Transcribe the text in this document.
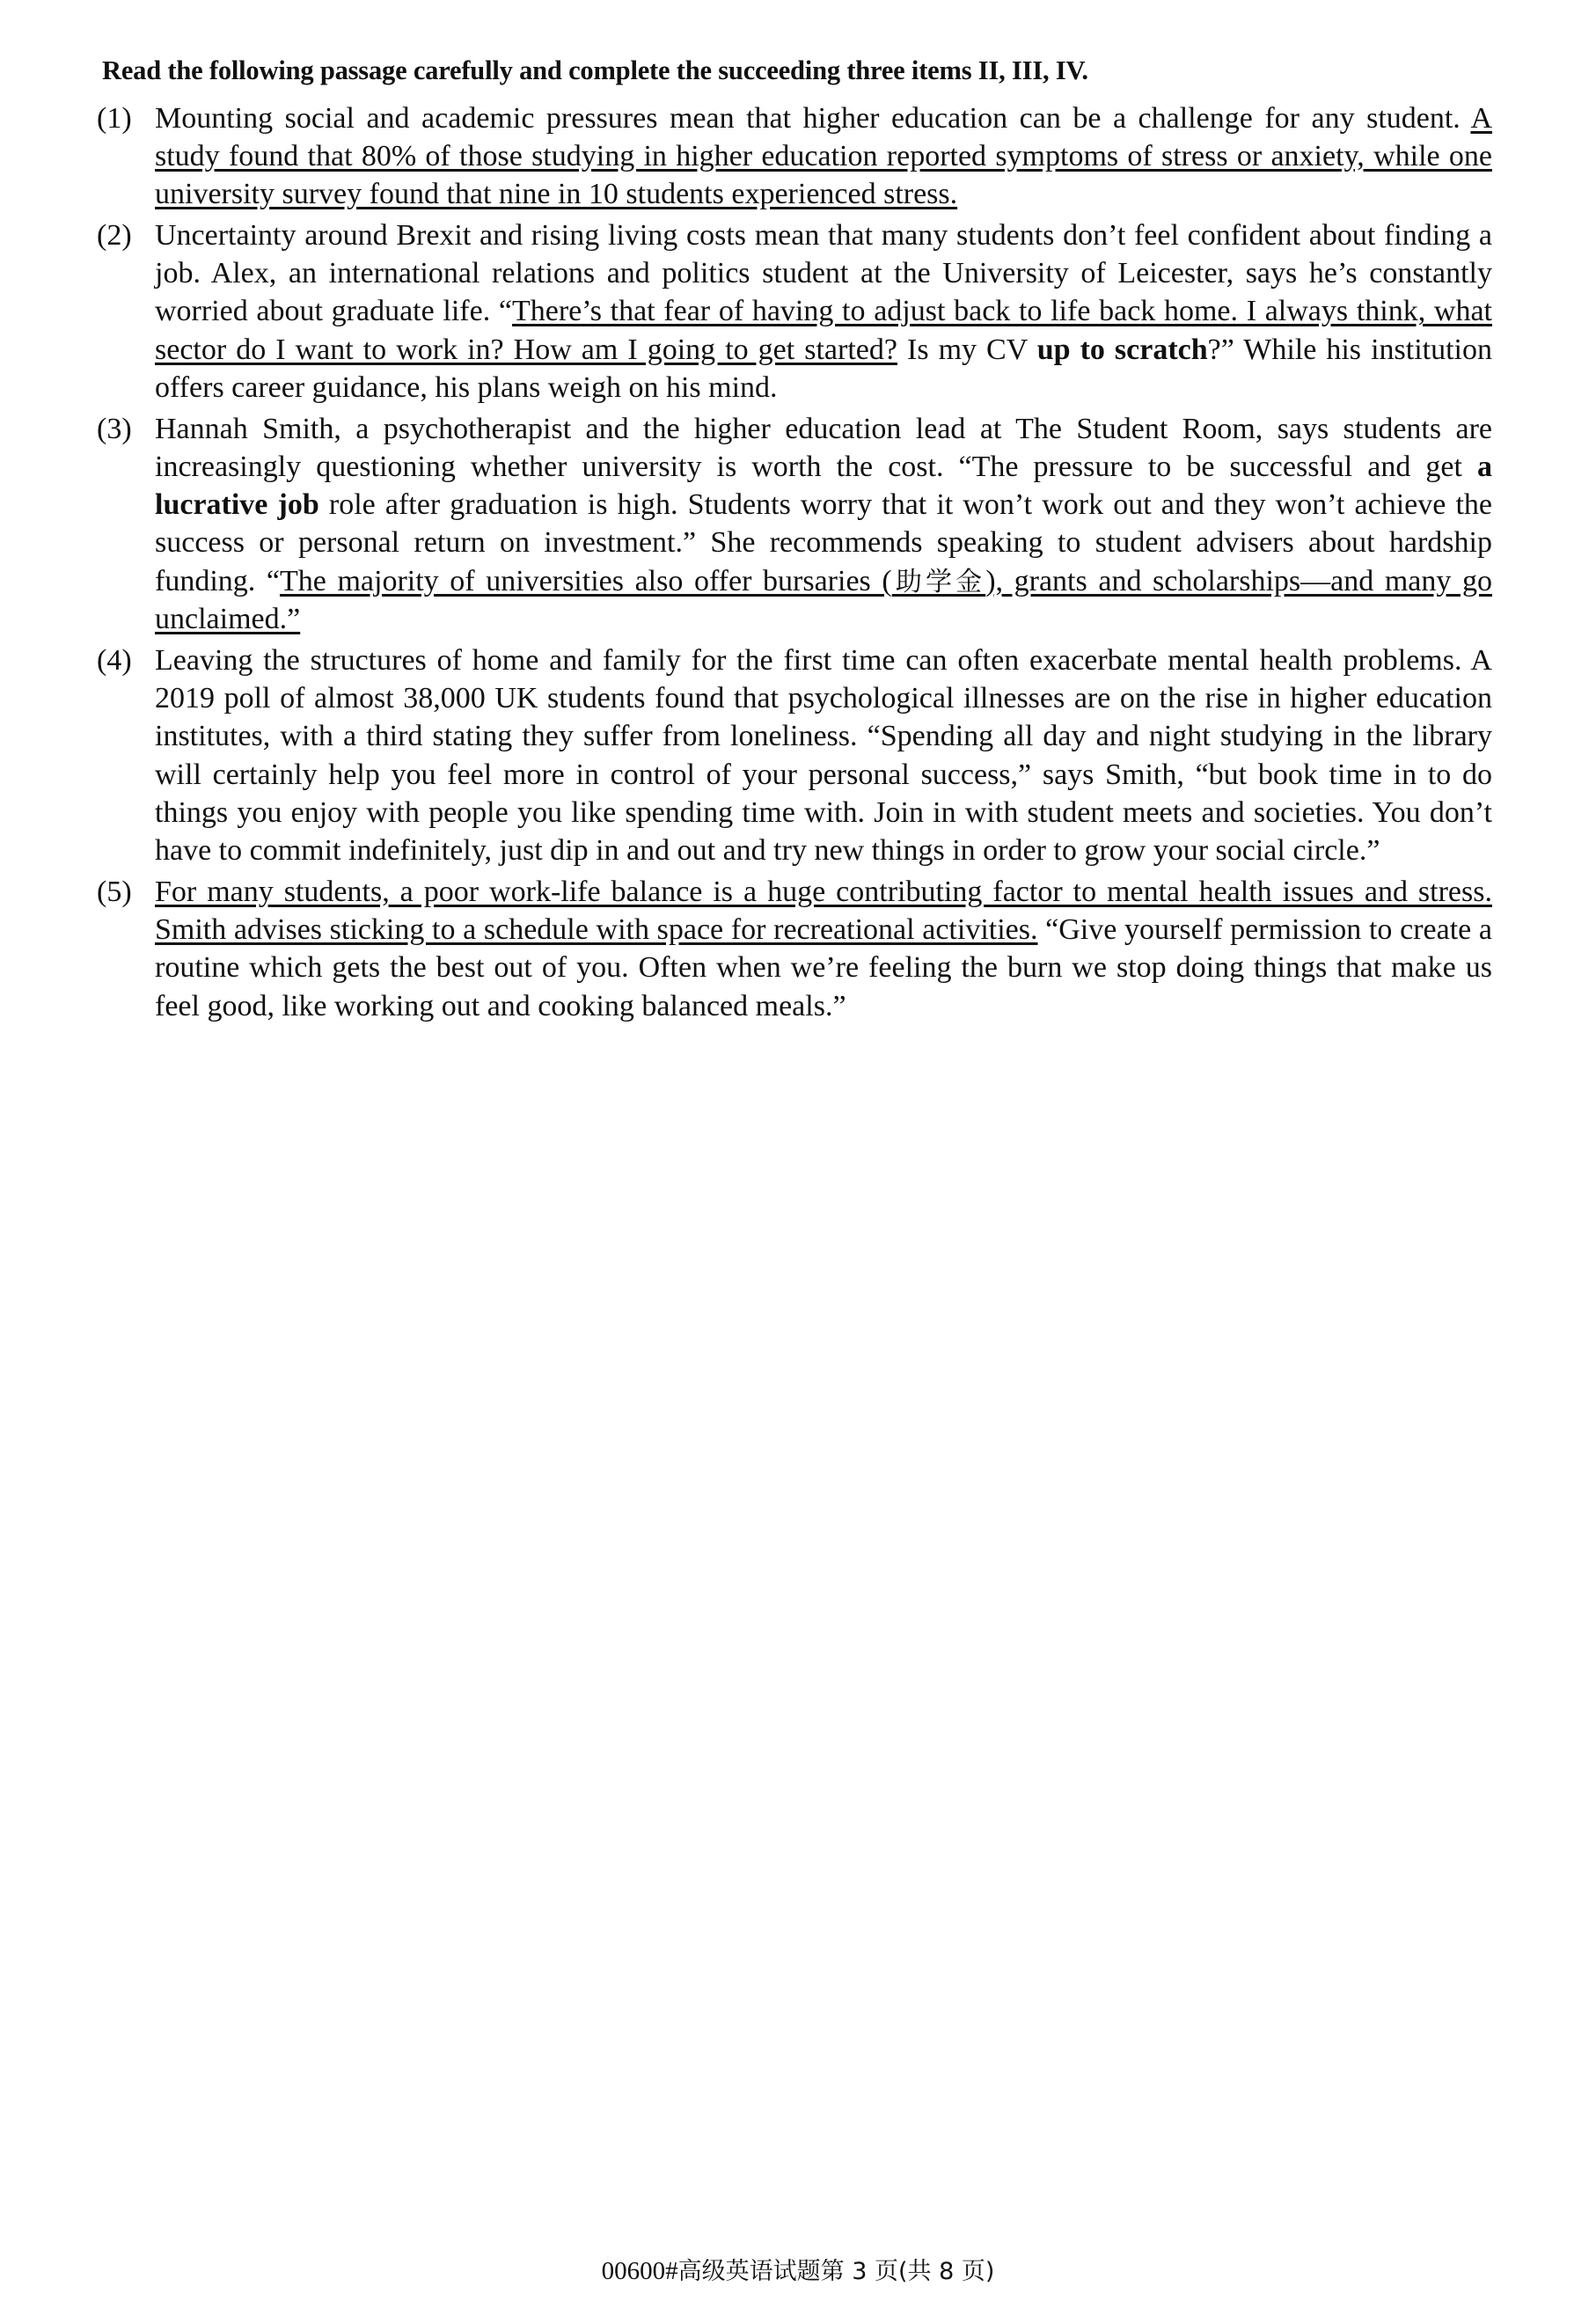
Read the following passage carefully and complete the succeeding three items II, III, IV.
(1) Mounting social and academic pressures mean that higher education can be a challenge for any student. A study found that 80% of those studying in higher education reported symptoms of stress or anxiety, while one university survey found that nine in 10 students experienced stress.
(2) Uncertainty around Brexit and rising living costs mean that many students don’t feel confident about finding a job. Alex, an international relations and politics student at the University of Leicester, says he’s constantly worried about graduate life. “There’s that fear of having to adjust back to life back home. I always think, what sector do I want to work in? How am I going to get started? Is my CV up to scratch?” While his institution offers career guidance, his plans weigh on his mind.
(3) Hannah Smith, a psychotherapist and the higher education lead at The Student Room, says students are increasingly questioning whether university is worth the cost. “The pressure to be successful and get a lucrative job role after graduation is high. Students worry that it won’t work out and they won’t achieve the success or personal return on investment.” She recommends speaking to student advisers about hardship funding. “The majority of universities also offer bursaries (助学金), grants and scholarships—and many go unclaimed.”
(4) Leaving the structures of home and family for the first time can often exacerbate mental health problems. A 2019 poll of almost 38,000 UK students found that psychological illnesses are on the rise in higher education institutes, with a third stating they suffer from loneliness. “Spending all day and night studying in the library will certainly help you feel more in control of your personal success,” says Smith, “but book time in to do things you enjoy with people you like spending time with. Join in with student meets and societies. You don’t have to commit indefinitely, just dip in and out and try new things in order to grow your social circle.”
(5) For many students, a poor work-life balance is a huge contributing factor to mental health issues and stress. Smith advises sticking to a schedule with space for recreational activities. “Give yourself permission to create a routine which gets the best out of you. Often when we’re feeling the burn we stop doing things that make us feel good, like working out and cooking balanced meals.”
00600#高级英语试题第 3 页(共 8 页)
